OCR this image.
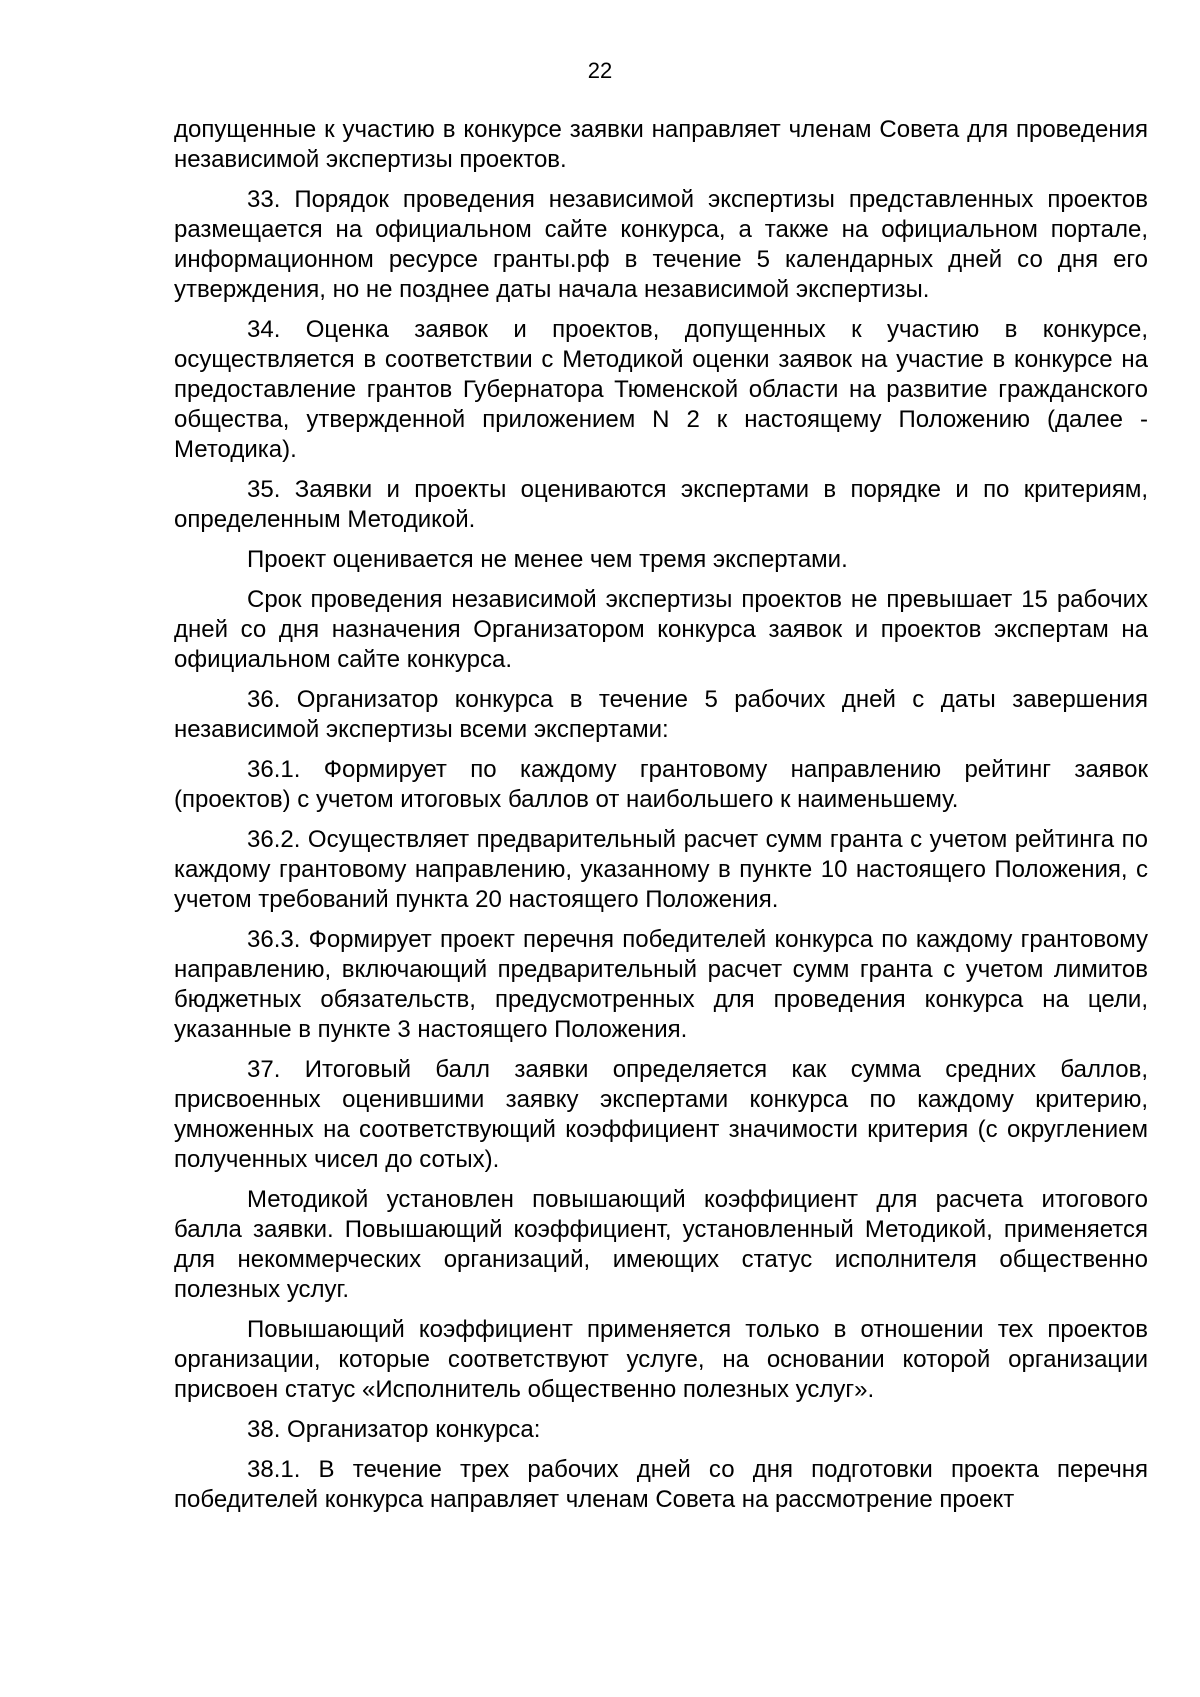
22

допущенные к участию в конкурсе заявки направляет членам Совета для проведения независимой экспертизы проектов.

33. Порядок проведения независимой экспертизы представленных проектов размещается на официальном сайте конкурса, а также на официальном портале, информационном ресурсе гранты.рф в течение 5 календарных дней со дня его утверждения, но не позднее даты начала независимой экспертизы.

34. Оценка заявок и проектов, допущенных к участию в конкурсе, осуществляется в соответствии с Методикой оценки заявок на участие в конкурсе на предоставление грантов Губернатора Тюменской области на развитие гражданского общества, утвержденной приложением N 2 к настоящему Положению (далее - Методика).

35. Заявки и проекты оцениваются экспертами в порядке и по критериям, определенным Методикой.

Проект оценивается не менее чем тремя экспертами.

Срок проведения независимой экспертизы проектов не превышает 15 рабочих дней со дня назначения Организатором конкурса заявок и проектов экспертам на официальном сайте конкурса.

36. Организатор конкурса в течение 5 рабочих дней с даты завершения независимой экспертизы всеми экспертами:

36.1. Формирует по каждому грантовому направлению рейтинг заявок (проектов) с учетом итоговых баллов от наибольшего к наименьшему.

36.2. Осуществляет предварительный расчет сумм гранта с учетом рейтинга по каждому грантовому направлению, указанному в пункте 10 настоящего Положения, с учетом требований пункта 20 настоящего Положения.

36.3. Формирует проект перечня победителей конкурса по каждому грантовому направлению, включающий предварительный расчет сумм гранта с учетом лимитов бюджетных обязательств, предусмотренных для проведения конкурса на цели, указанные в пункте 3 настоящего Положения.

37. Итоговый балл заявки определяется как сумма средних баллов, присвоенных оценившими заявку экспертами конкурса по каждому критерию, умноженных на соответствующий коэффициент значимости критерия (с округлением полученных чисел до сотых).

Методикой установлен повышающий коэффициент для расчета итогового балла заявки. Повышающий коэффициент, установленный Методикой, применяется для некоммерческих организаций, имеющих статус исполнителя общественно полезных услуг.

Повышающий коэффициент применяется только в отношении тех проектов организации, которые соответствуют услуге, на основании которой организации присвоен статус «Исполнитель общественно полезных услуг».

38. Организатор конкурса:

38.1. В течение трех рабочих дней со дня подготовки проекта перечня победителей конкурса направляет членам Совета на рассмотрение проект
